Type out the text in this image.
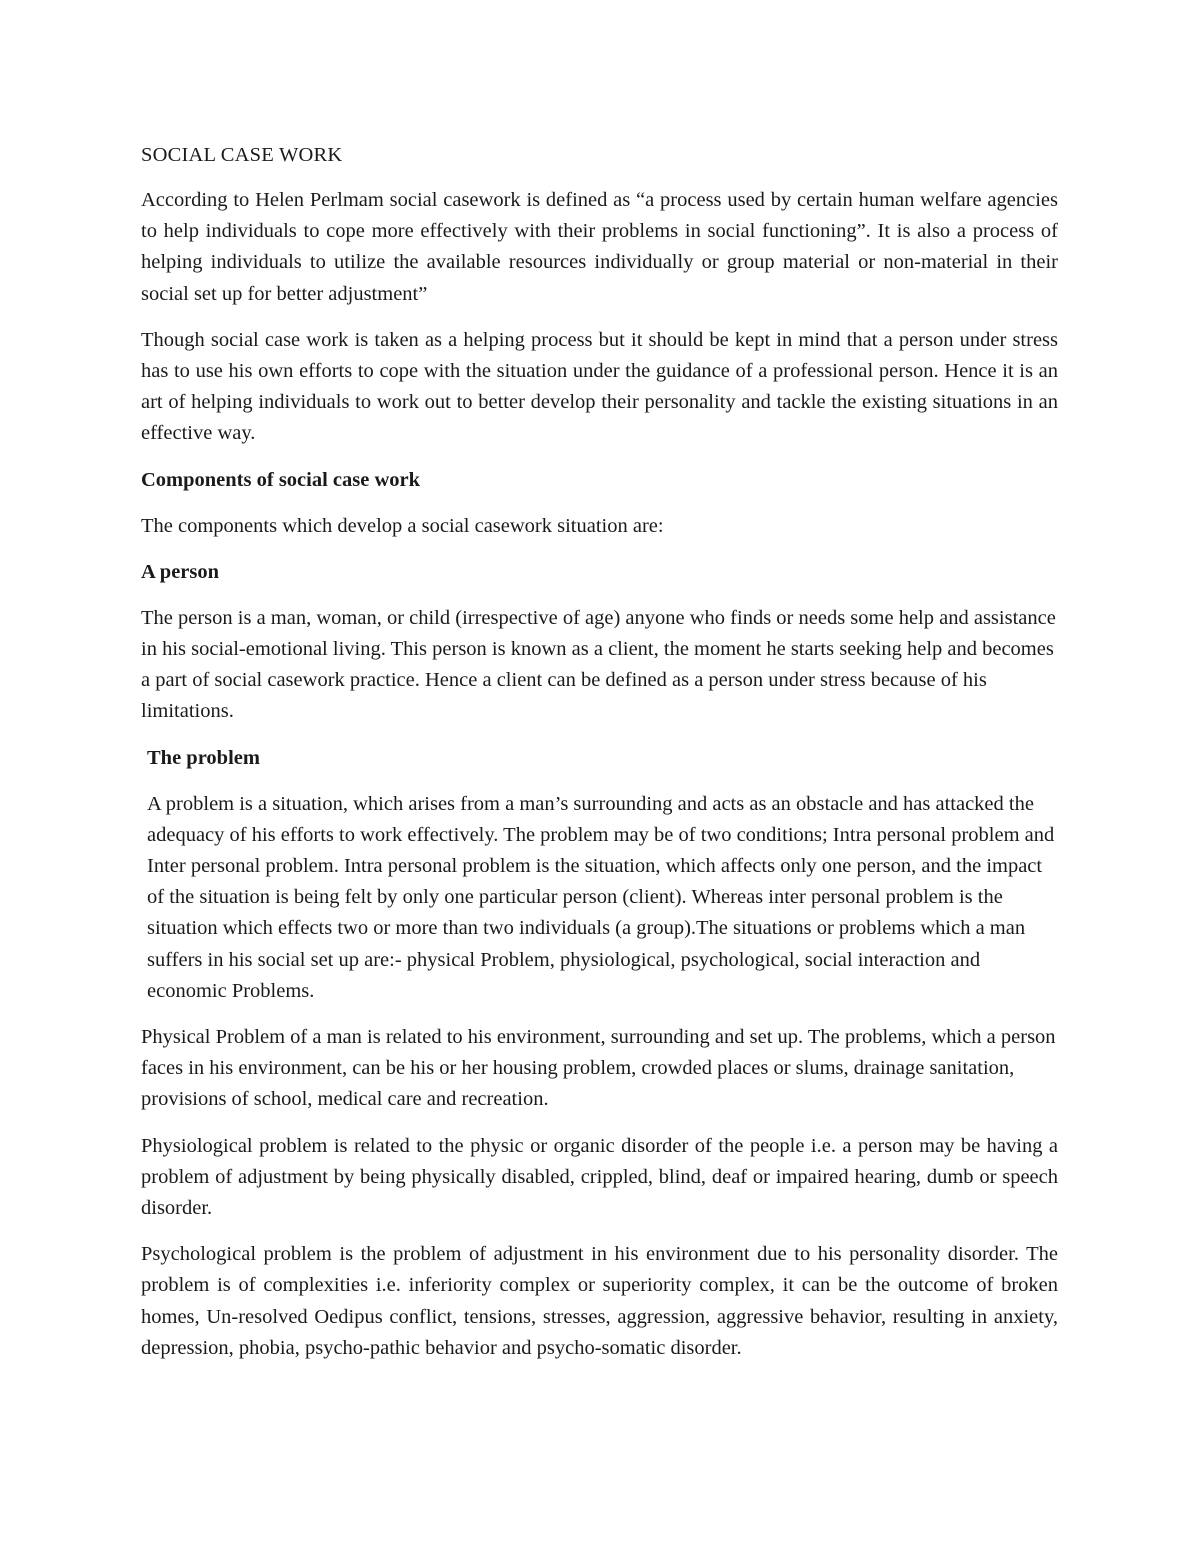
SOCIAL CASE WORK

According to Helen Perlmam social casework is defined as “a process used by certain human welfare agencies to help individuals to cope more effectively with their problems in social functioning”. It is also a process of helping individuals to utilize the available resources individually or group material or non-material in their social set up for better adjustment”

Though social case work is taken as a helping process but it should be kept in mind that a person under stress has to use his own efforts to cope with the situation under the guidance of a professional person. Hence it is an art of helping individuals to work out to better develop their personality and tackle the existing situations in an effective way.

Components of social case work

The components which develop a social casework situation are:

A person

The person is a man, woman, or child (irrespective of age) anyone who finds or needs some help and assistance in his social-emotional living. This person is known as a client, the moment he starts seeking help and becomes a part of social casework practice. Hence a client can be defined as a person under stress because of his limitations.

The problem

A problem is a situation, which arises from a man’s surrounding and acts as an obstacle and has attacked the adequacy of his efforts to work effectively. The problem may be of two conditions; Intra personal problem and Inter personal problem. Intra personal problem is the situation, which affects only one person, and the impact of the situation is being felt by only one particular person (client). Whereas inter personal problem is the situation which effects two or more than two individuals (a group).The situations or problems which a man suffers in his social set up are:- physical Problem, physiological, psychological, social interaction and economic Problems.

Physical Problem of a man is related to his environment, surrounding and set up. The problems, which a person faces in his environment, can be his or her housing problem, crowded places or slums, drainage sanitation, provisions of school, medical care and recreation.

Physiological problem is related to the physic or organic disorder of the people i.e. a person may be having a problem of adjustment by being physically disabled, crippled, blind, deaf or impaired hearing, dumb or speech disorder.

Psychological problem is the problem of adjustment in his environment due to his personality disorder. The problem is of complexities i.e. inferiority complex or superiority complex, it can be the outcome of broken homes, Un-resolved Oedipus conflict, tensions, stresses, aggression, aggressive behavior, resulting in anxiety, depression, phobia, psycho-pathic behavior and psycho-somatic disorder.
